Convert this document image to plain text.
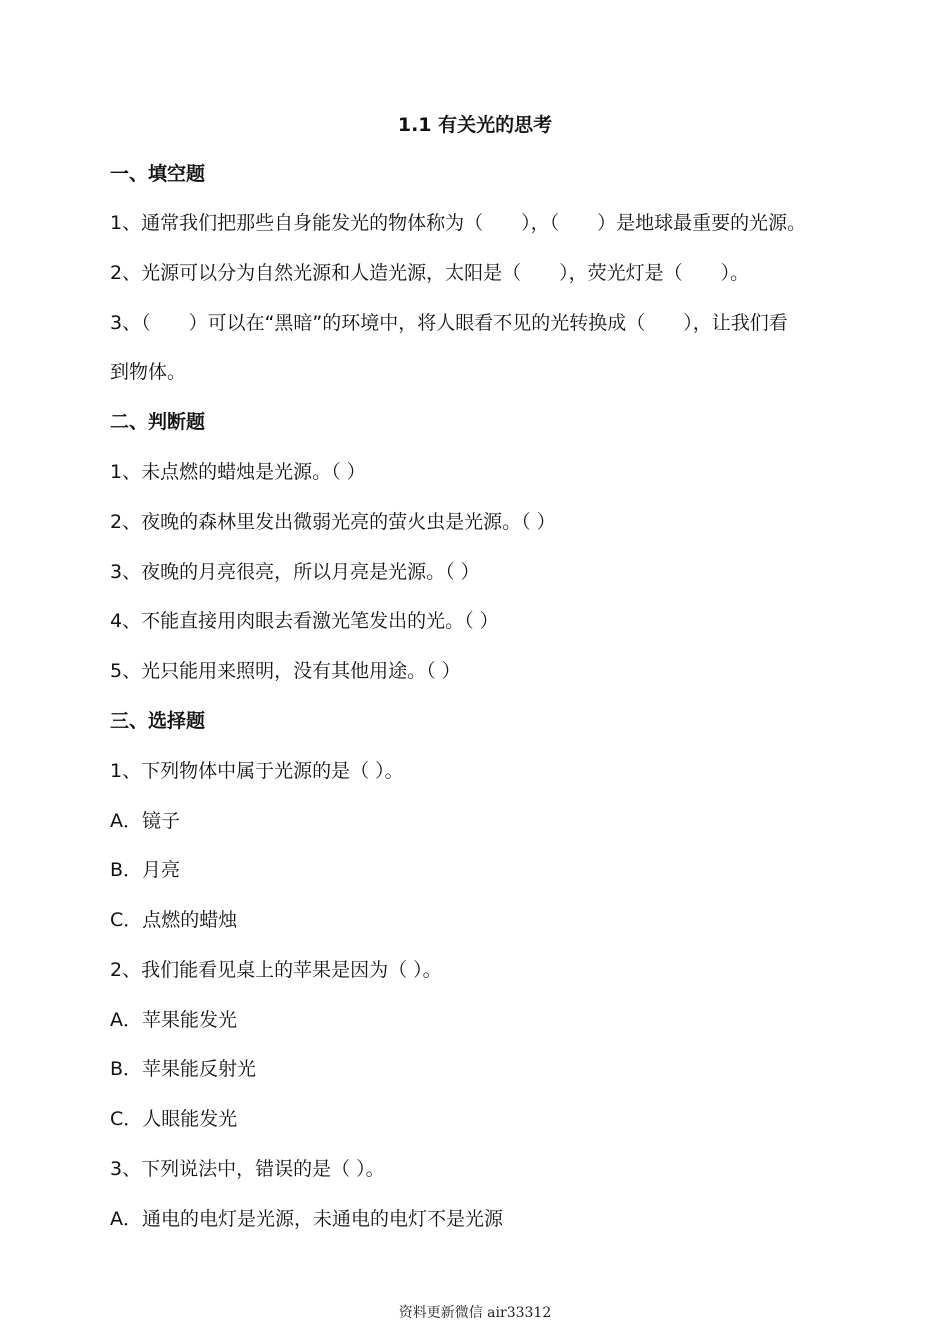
1.1 有关光的思考
一、填空题
1、通常我们把那些自身能发光的物体称为（　　），（　　）是地球最重要的光源。
2、光源可以分为自然光源和人造光源，太阳是（　　），荧光灯是（　　）。
3、（　　）可以在“黑暗”的环境中，将人眼看不见的光转换成（　　），让我们看
到物体。
二、判断题
1、未点燃的蜡烛是光源。（ ）
2、夜晚的森林里发出微弱光亮的萤火虫是光源。（ ）
3、夜晚的月亮很亮，所以月亮是光源。（ ）
4、不能直接用肉眼去看激光笔发出的光。（ ）
5、光只能用来照明，没有其他用途。（ ）
三、选择题
1、下列物体中属于光源的是（ ）。
A．镜子
B．月亮
C．点燃的蜡烛
2、我们能看见桌上的苹果是因为（ ）。
A．苹果能发光
B．苹果能反射光
C．人眼能发光
3、下列说法中，错误的是（ ）。
A．通电的电灯是光源，未通电的电灯不是光源
资料更新微信 air33312
